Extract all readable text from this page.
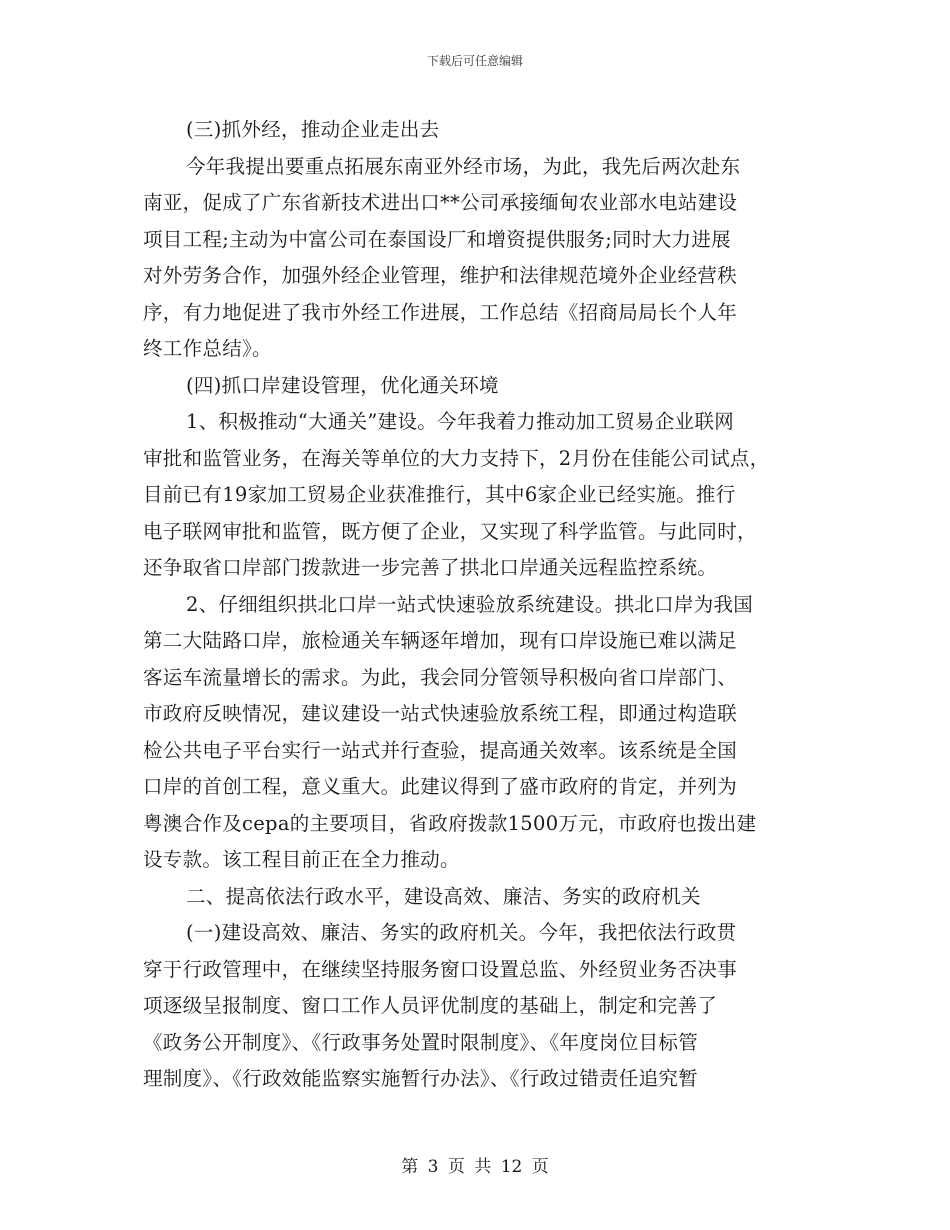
下载后可任意编辑
(三)抓外经，推动企业走出去
今年我提出要重点拓展东南亚外经市场，为此，我先后两次赴东
南亚，促成了广东省新技术进出口**公司承接缅甸农业部水电站建设
项目工程;主动为中富公司在泰国设厂和增资提供服务;同时大力进展
对外劳务合作，加强外经企业管理，维护和法律规范境外企业经营秩
序，有力地促进了我市外经工作进展，工作总结《招商局局长个人年
终工作总结》。
(四)抓口岸建设管理，优化通关环境
1、积极推动“大通关”建设。今年我着力推动加工贸易企业联网
审批和监管业务，在海关等单位的大力支持下，2月份在佳能公司试点，
目前已有19家加工贸易企业获准推行，其中6家企业已经实施。推行
电子联网审批和监管，既方便了企业，又实现了科学监管。与此同时，
还争取省口岸部门拨款进一步完善了拱北口岸通关远程监控系统。
2、仔细组织拱北口岸一站式快速验放系统建设。拱北口岸为我国
第二大陆路口岸，旅检通关车辆逐年增加，现有口岸设施已难以满足
客运车流量增长的需求。为此，我会同分管领导积极向省口岸部门、
市政府反映情况，建议建设一站式快速验放系统工程，即通过构造联
检公共电子平台实行一站式并行查验，提高通关效率。该系统是全国
口岸的首创工程，意义重大。此建议得到了盛市政府的肯定，并列为
粤澳合作及cepa的主要项目，省政府拨款1500万元，市政府也拨出建
设专款。该工程目前正在全力推动。
二、提高依法行政水平，建设高效、廉洁、务实的政府机关
(一)建设高效、廉洁、务实的政府机关。今年，我把依法行政贯
穿于行政管理中，在继续坚持服务窗口设置总监、外经贸业务否决事
项逐级呈报制度、窗口工作人员评优制度的基础上，制定和完善了
《政务公开制度》、《行政事务处置时限制度》、《年度岗位目标管
理制度》、《行政效能监察实施暂行办法》、《行政过错责任追究暂
第 3 页 共 12 页
